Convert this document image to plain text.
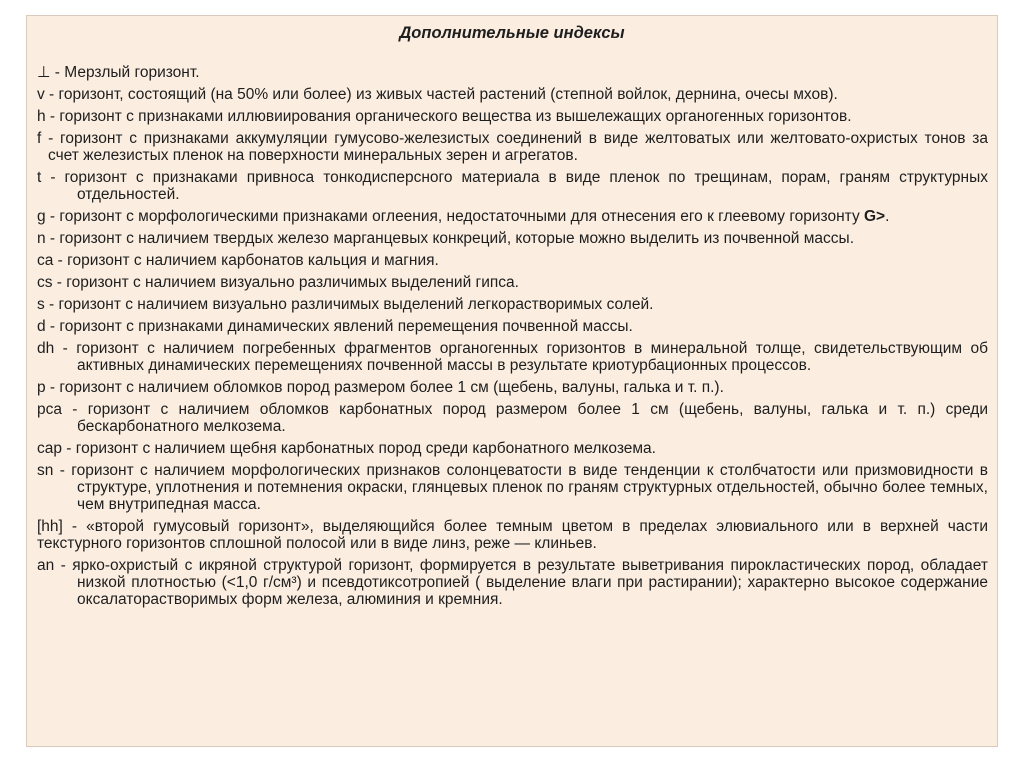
Дополнительные индексы

⊥ - Мерзлый горизонт.

v - горизонт, состоящий (на 50% или более) из живых частей растений (степной войлок, дернина, очесы мхов).

h - горизонт с признаками иллювиирования органического вещества из вышележащих органогенных горизонтов.

f - горизонт с признаками аккумуляции гумусово-железистых соединений в виде желтоватых или желтовато-охристых тонов за счет железистых пленок на поверхности минеральных зерен и агрегатов.

t - горизонт с признаками привноса тонкодисперсного материала в виде пленок по трещинам, порам, граням структурных отдельностей.

g - горизонт с морфологическими признаками оглеения, недостаточными для отнесения его к глеевому горизонту G>.

n - горизонт с наличием твердых железо марганцевых конкреций, которые можно выделить из почвенной массы.

ca - горизонт с наличием карбонатов кальция и магния.

cs - горизонт с наличием визуально различимых выделений гипса.

s - горизонт с наличием визуально различимых выделений легкорастворимых солей.

d - горизонт с признаками динамических явлений перемещения почвенной массы.

dh - горизонт с наличием погребенных фрагментов органогенных горизонтов в минеральной толще, свидетельствующим об активных динамических перемещениях почвенной массы в результате криотурбационных процессов.

p - горизонт с наличием обломков пород размером более 1 см (щебень, валуны, галька и т. п.).

pca - горизонт с наличием обломков карбонатных пород размером более 1 см (щебень, валуны, галька и т. п.) среди бескарбонатного мелкозема.

cap - горизонт с наличием щебня карбонатных пород среди карбонатного мелкозема.

sn - горизонт с наличием морфологических признаков солонцеватости в виде тенденции к столбчатости или призмовидности в структуре, уплотнения и потемнения окраски, глянцевых пленок по граням структурных отдельностей, обычно более темных, чем внутрипедная масса.

[hh] - «второй гумусовый горизонт», выделяющийся более темным цветом в пределах элювиального или в верхней части текстурного горизонтов сплошной полосой или в виде линз, реже — клиньев.

an - ярко-охристый с икряной структурой горизонт, формируется в результате выветривания пирокластических пород, обладает низкой плотностью (<1,0 г/см³) и псевдотиксотропией ( выделение влаги при растирании); характерно высокое содержание оксалаторастворимых форм железа, алюминия и кремния.
